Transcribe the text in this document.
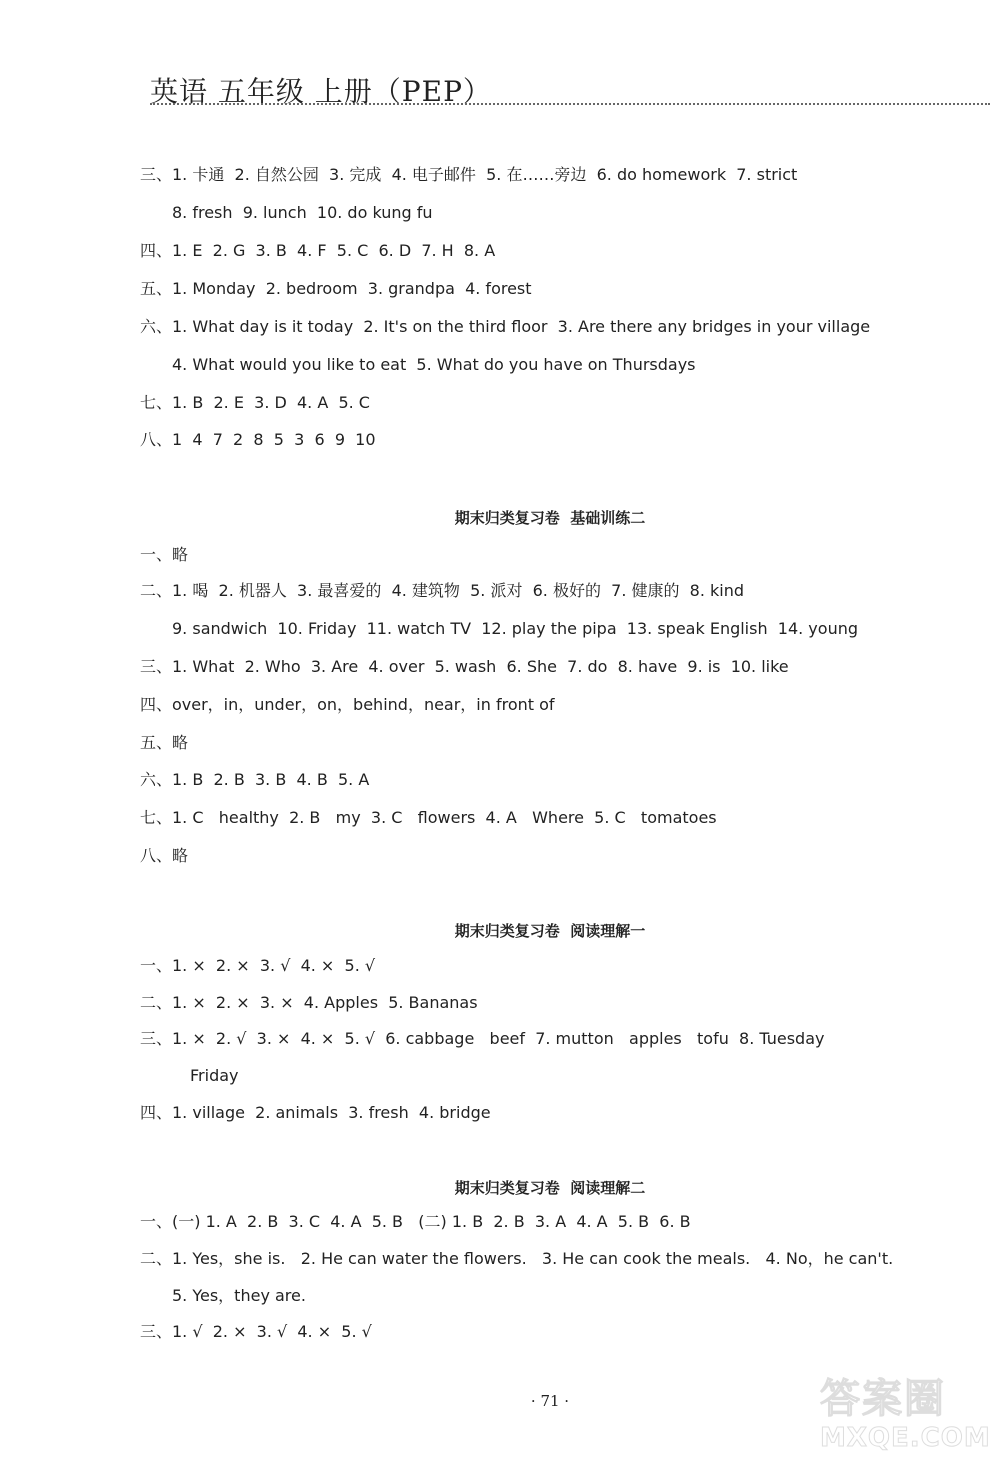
英语 五年级 上册（PEP）
三、1. 卡通  2. 自然公园  3. 完成  4. 电子邮件  5. 在……旁边  6. do homework  7. strict
8. fresh  9. lunch  10. do kung fu
四、1. E  2. G  3. B  4. F  5. C  6. D  7. H  8. A
五、1. Monday  2. bedroom  3. grandpa  4. forest
六、1. What day is it today  2. It's on the third floor  3. Are there any bridges in your village
4. What would you like to eat  5. What do you have on Thursdays
七、1. B  2. E  3. D  4. A  5. C
八、1  4  7  2  8  5  3  6  9  10
期末归类复习卷  基础训练二
一、略
二、1. 喝  2. 机器人  3. 最喜爱的  4. 建筑物  5. 派对  6. 极好的  7. 健康的  8. kind
9. sandwich  10. Friday  11. watch TV  12. play the pipa  13. speak English  14. young
三、1. What  2. Who  3. Are  4. over  5. wash  6. She  7. do  8. have  9. is  10. like
四、over，in，under，on，behind，near，in front of
五、略
六、1. B  2. B  3. B  4. B  5. A
七、1. C   healthy  2. B   my  3. C   flowers  4. A   Where  5. C   tomatoes
八、略
期末归类复习卷  阅读理解一
一、1. ×  2. ×  3. √  4. ×  5. √
二、1. ×  2. ×  3. ×  4. Apples  5. Bananas
三、1. ×  2. √  3. ×  4. ×  5. √  6. cabbage   beef  7. mutton   apples   tofu  8. Tuesday
Friday
四、1. village  2. animals  3. fresh  4. bridge
期末归类复习卷  阅读理解二
一、(一) 1. A  2. B  3. C  4. A  5. B   (二) 1. B  2. B  3. A  4. A  5. B  6. B
二、1. Yes，she is.   2. He can water the flowers.   3. He can cook the meals.   4. No，he can't.
5. Yes，they are.
三、1. √  2. ×  3. √  4. ×  5. √
· 71 ·	答案圈
MXQE.COM
